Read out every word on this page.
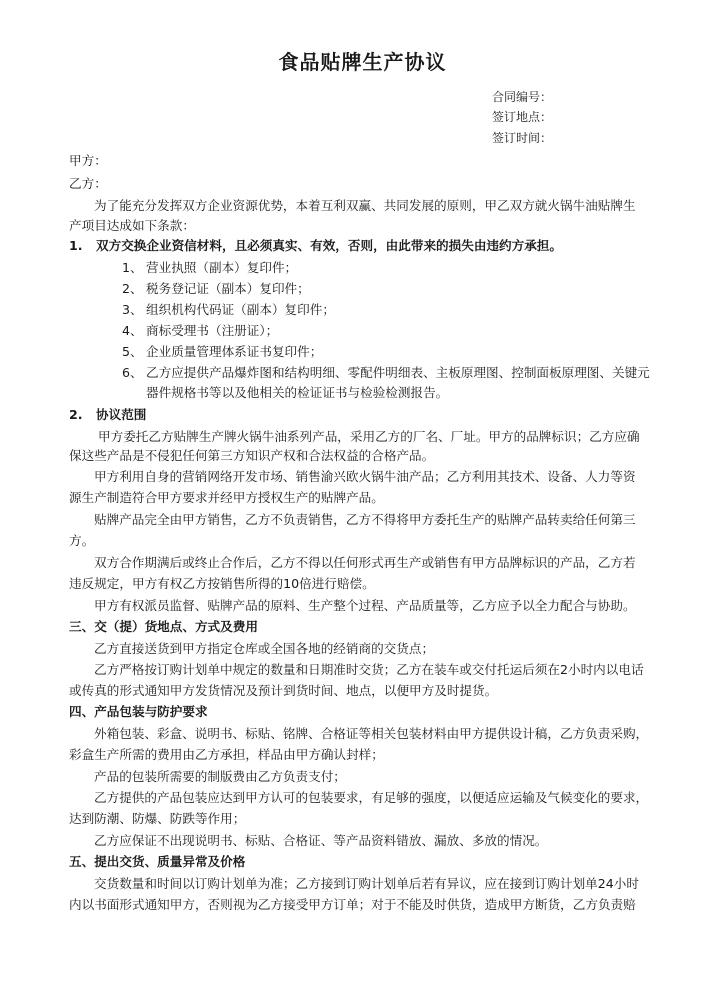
食品贴牌生产协议
合同编号：
签订地点：
签订时间：
甲方：
乙方：
为了能充分发挥双方企业资源优势，本着互利双赢、共同发展的原则，甲乙双方就火锅牛油贴牌生
产项目达成如下条款：
1. 双方交换企业资信材料，且必须真实、有效，否则，由此带来的损失由违约方承担。
1、 营业执照（副本）复印件；
2、 税务登记证（副本）复印件；
3、 组织机构代码证（副本）复印件；
4、 商标受理书（注册证）；
5、 企业质量管理体系证书复印件；
6、 乙方应提供产品爆炸图和结构明细、零配件明细表、主板原理图、控制面板原理图、关键元
器件规格书等以及他相关的检证证书与检验检测报告。
2. 协议范围
甲方委托乙方贴牌生产牌火锅牛油系列产品，采用乙方的厂名、厂址。甲方的品牌标识；乙方应确
保这些产品是不侵犯任何第三方知识产权和合法权益的合格产品。
甲方利用自身的营销网络开发市场、销售渝兴欧火锅牛油产品；乙方利用其技术、设备、人力等资
源生产制造符合甲方要求并经甲方授权生产的贴牌产品。
贴牌产品完全由甲方销售，乙方不负责销售，乙方不得将甲方委托生产的贴牌产品转卖给任何第三
方。
双方合作期满后或终止合作后，乙方不得以任何形式再生产或销售有甲方品牌标识的产品，乙方若
违反规定，甲方有权乙方按销售所得的10倍进行赔偿。
甲方有权派员监督、贴牌产品的原料、生产整个过程、产品质量等，乙方应予以全力配合与协助。
三、交（提）货地点、方式及费用
乙方直接送货到甲方指定仓库或全国各地的经销商的交货点；
乙方严格按订购计划单中规定的数量和日期准时交货；乙方在装车或交付托运后须在2小时内以电话
或传真的形式通知甲方发货情况及预计到货时间、地点，以便甲方及时提货。
四、产品包装与防护要求
外箱包装、彩盒、说明书、标贴、铭牌、合格证等相关包装材料由甲方提供设计稿，乙方负责采购，
彩盒生产所需的费用由乙方承担，样品由甲方确认封样；
产品的包装所需要的制版费由乙方负责支付；
乙方提供的产品包装应达到甲方认可的包装要求，有足够的强度，以便适应运输及气候变化的要求，
达到防潮、防爆、防跌等作用；
乙方应保证不出现说明书、标贴、合格证、等产品资料错放、漏放、多放的情况。
五、提出交货、质量异常及价格
交货数量和时间以订购计划单为准；乙方接到订购计划单后若有异议，应在接到订购计划单24小时
内以书面形式通知甲方，否则视为乙方接受甲方订单；对于不能及时供货，造成甲方断货，乙方负责赔
